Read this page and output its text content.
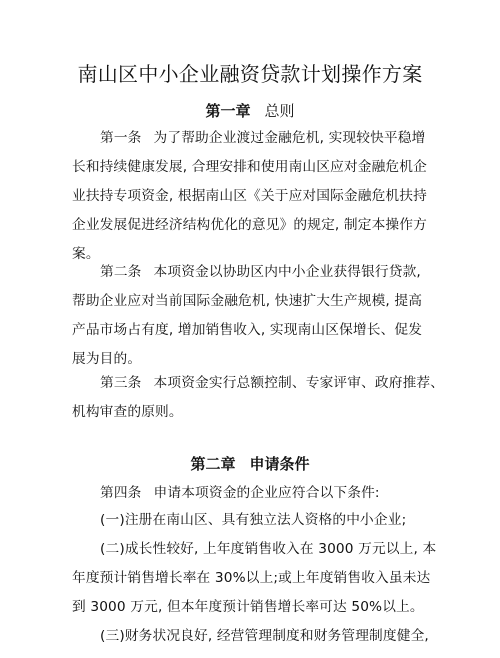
南山区中小企业融资贷款计划操作方案
第一章 总则
第一条 为了帮助企业渡过金融危机, 实现较快平稳增
长和持续健康发展, 合理安排和使用南山区应对金融危机企
业扶持专项资金, 根据南山区《关于应对国际金融危机扶持
企业发展促进经济结构优化的意见》的规定, 制定本操作方
案。
第二条 本项资金以协助区内中小企业获得银行贷款,
帮助企业应对当前国际金融危机, 快速扩大生产规模, 提高
产品市场占有度, 增加销售收入, 实现南山区保增长、促发
展为目的。
第三条 本项资金实行总额控制、专家评审、政府推荐、
机构审查的原则。
第二章 申请条件
第四条 申请本项资金的企业应符合以下条件:
(一)注册在南山区、具有独立法人资格的中小企业;
(二)成长性较好, 上年度销售收入在 3000 万元以上, 本
年度预计销售增长率在 30%以上;或上年度销售收入虽未达
到 3000 万元, 但本年度预计销售增长率可达 50%以上。
(三)财务状况良好, 经营管理制度和财务管理制度健全,
